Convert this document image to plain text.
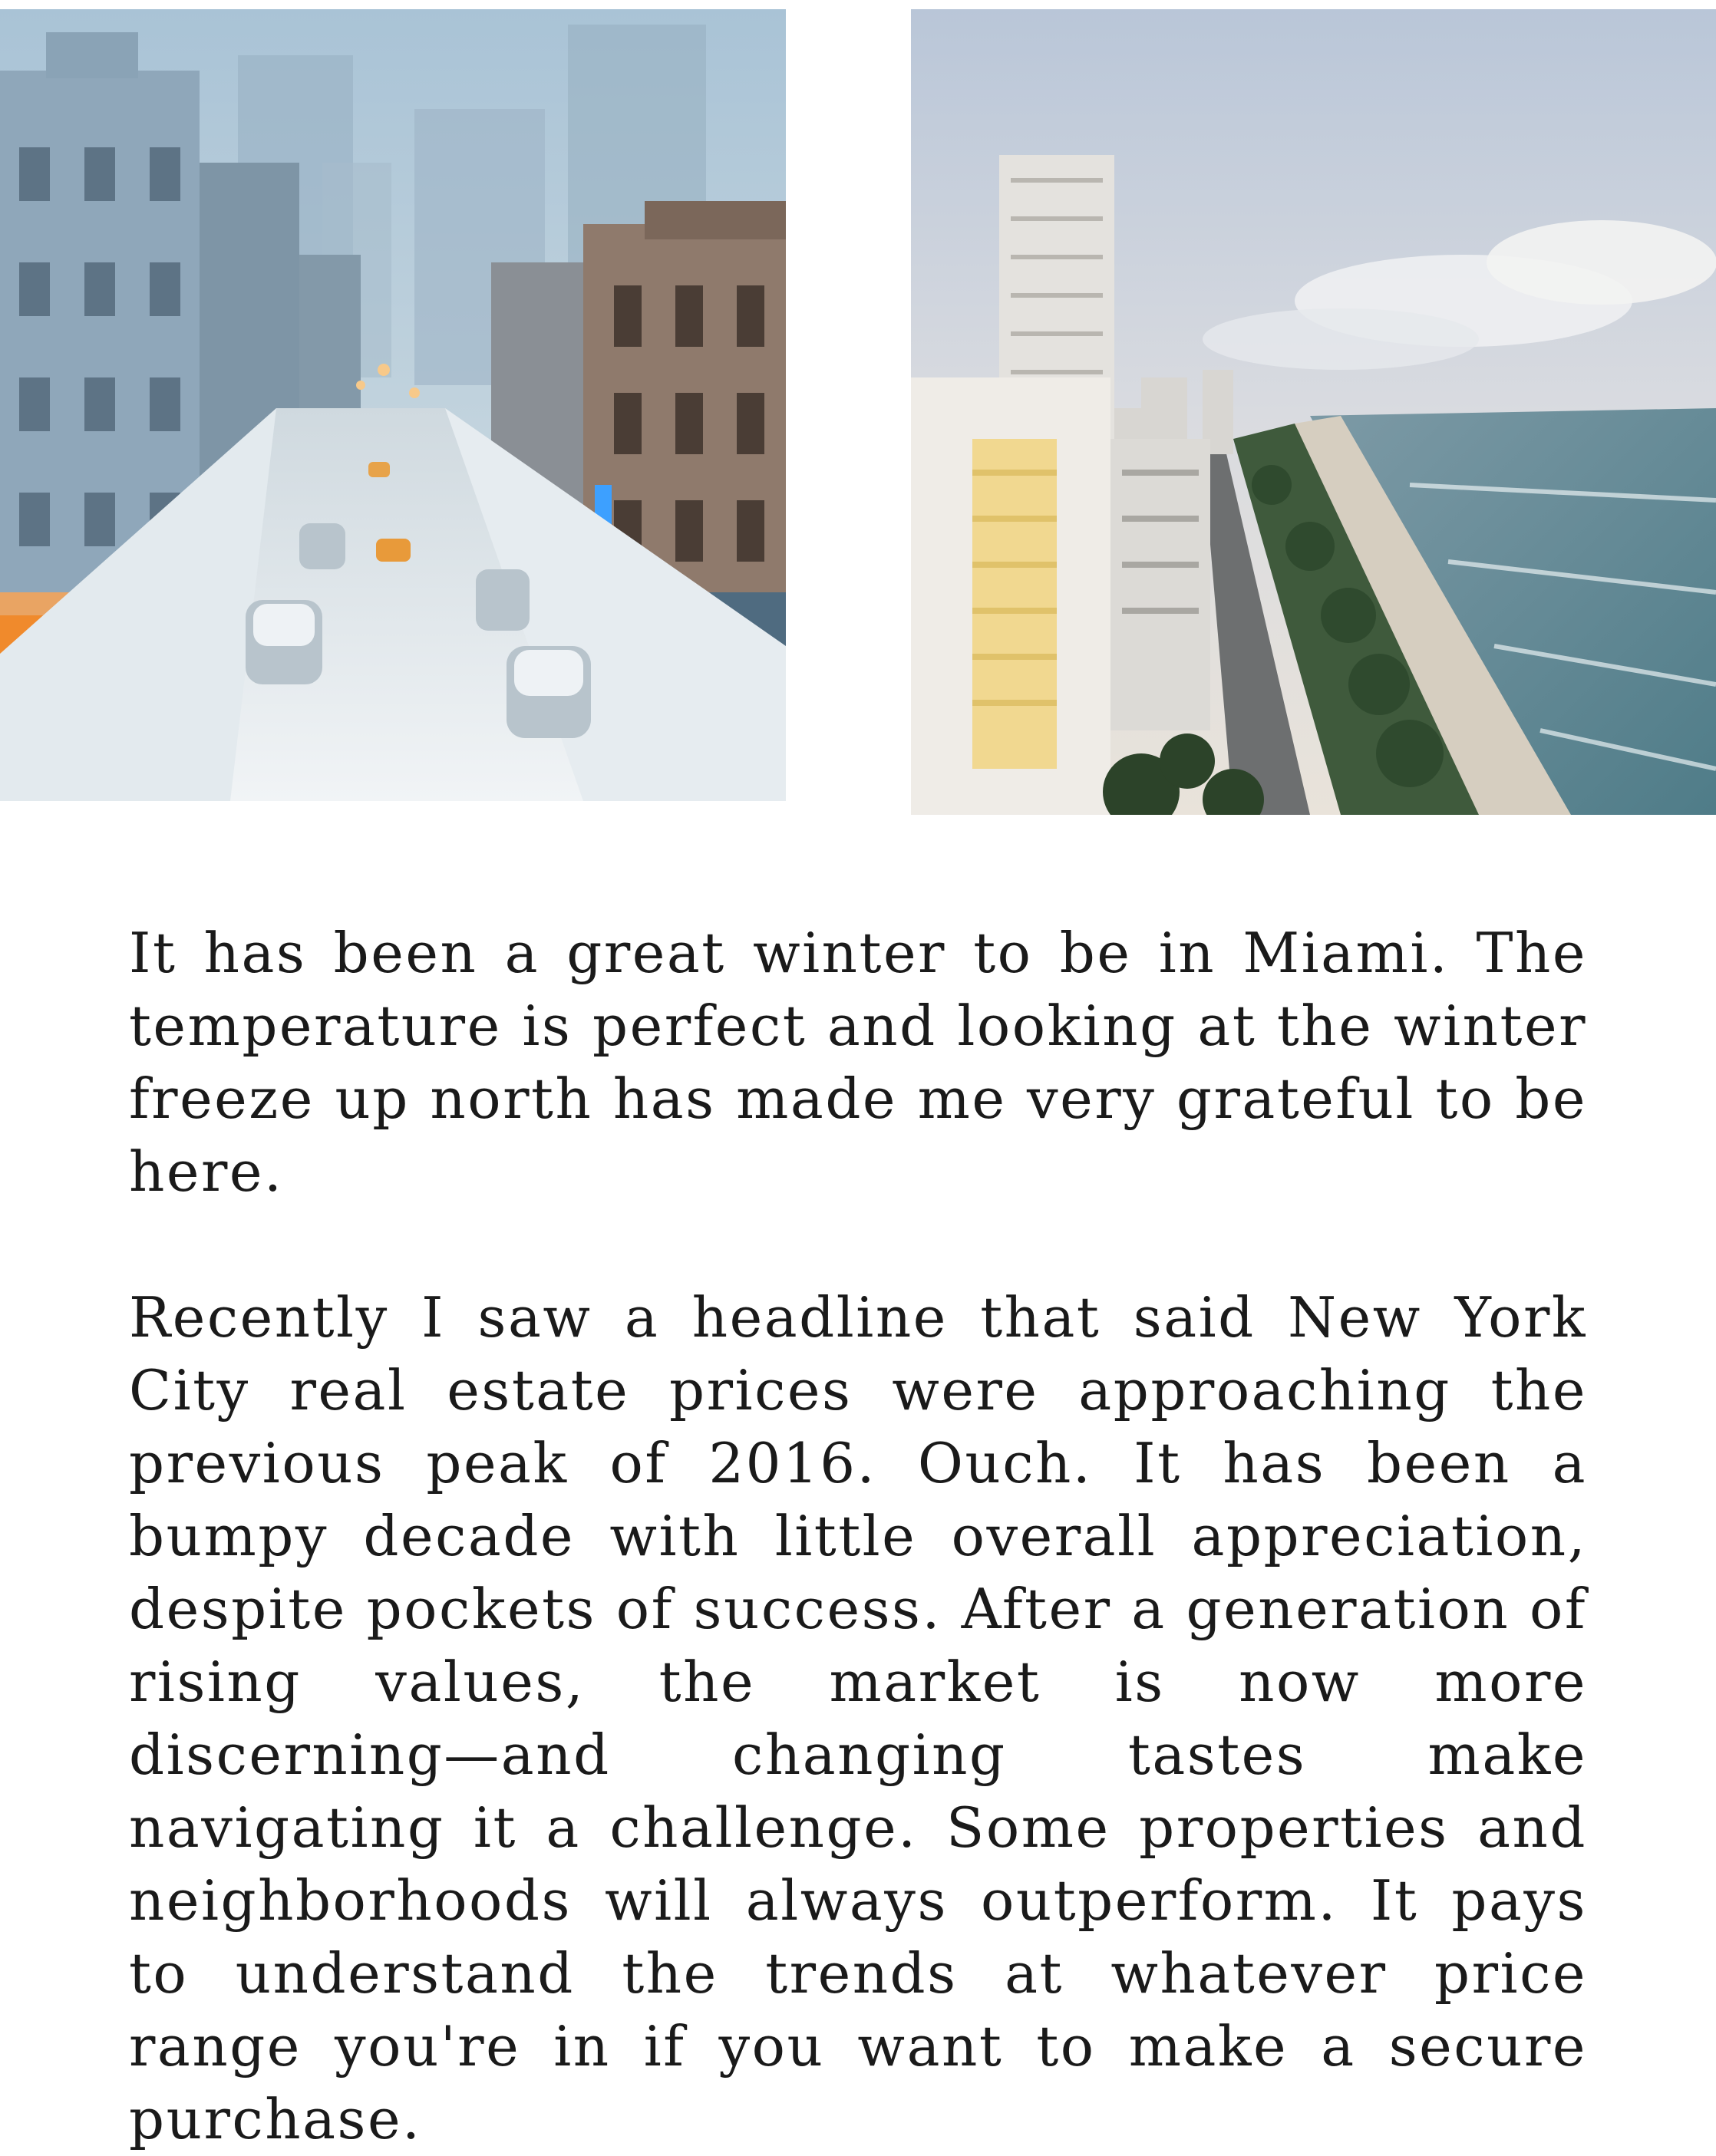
It has been a great winter to be in Miami. The temperature is perfect and looking at the winter freeze up north has made me very grateful to be here.

Recently I saw a headline that said New York City real estate prices were approaching the previous peak of 2016. Ouch. It has been a bumpy decade with little overall appreciation, despite pockets of success. After a generation of rising values, the market is now more discerning—and changing tastes make navigating it a challenge. Some properties and neighborhoods will always outperform. It pays to understand the trends at whatever price range you're in if you want to make a secure purchase.
